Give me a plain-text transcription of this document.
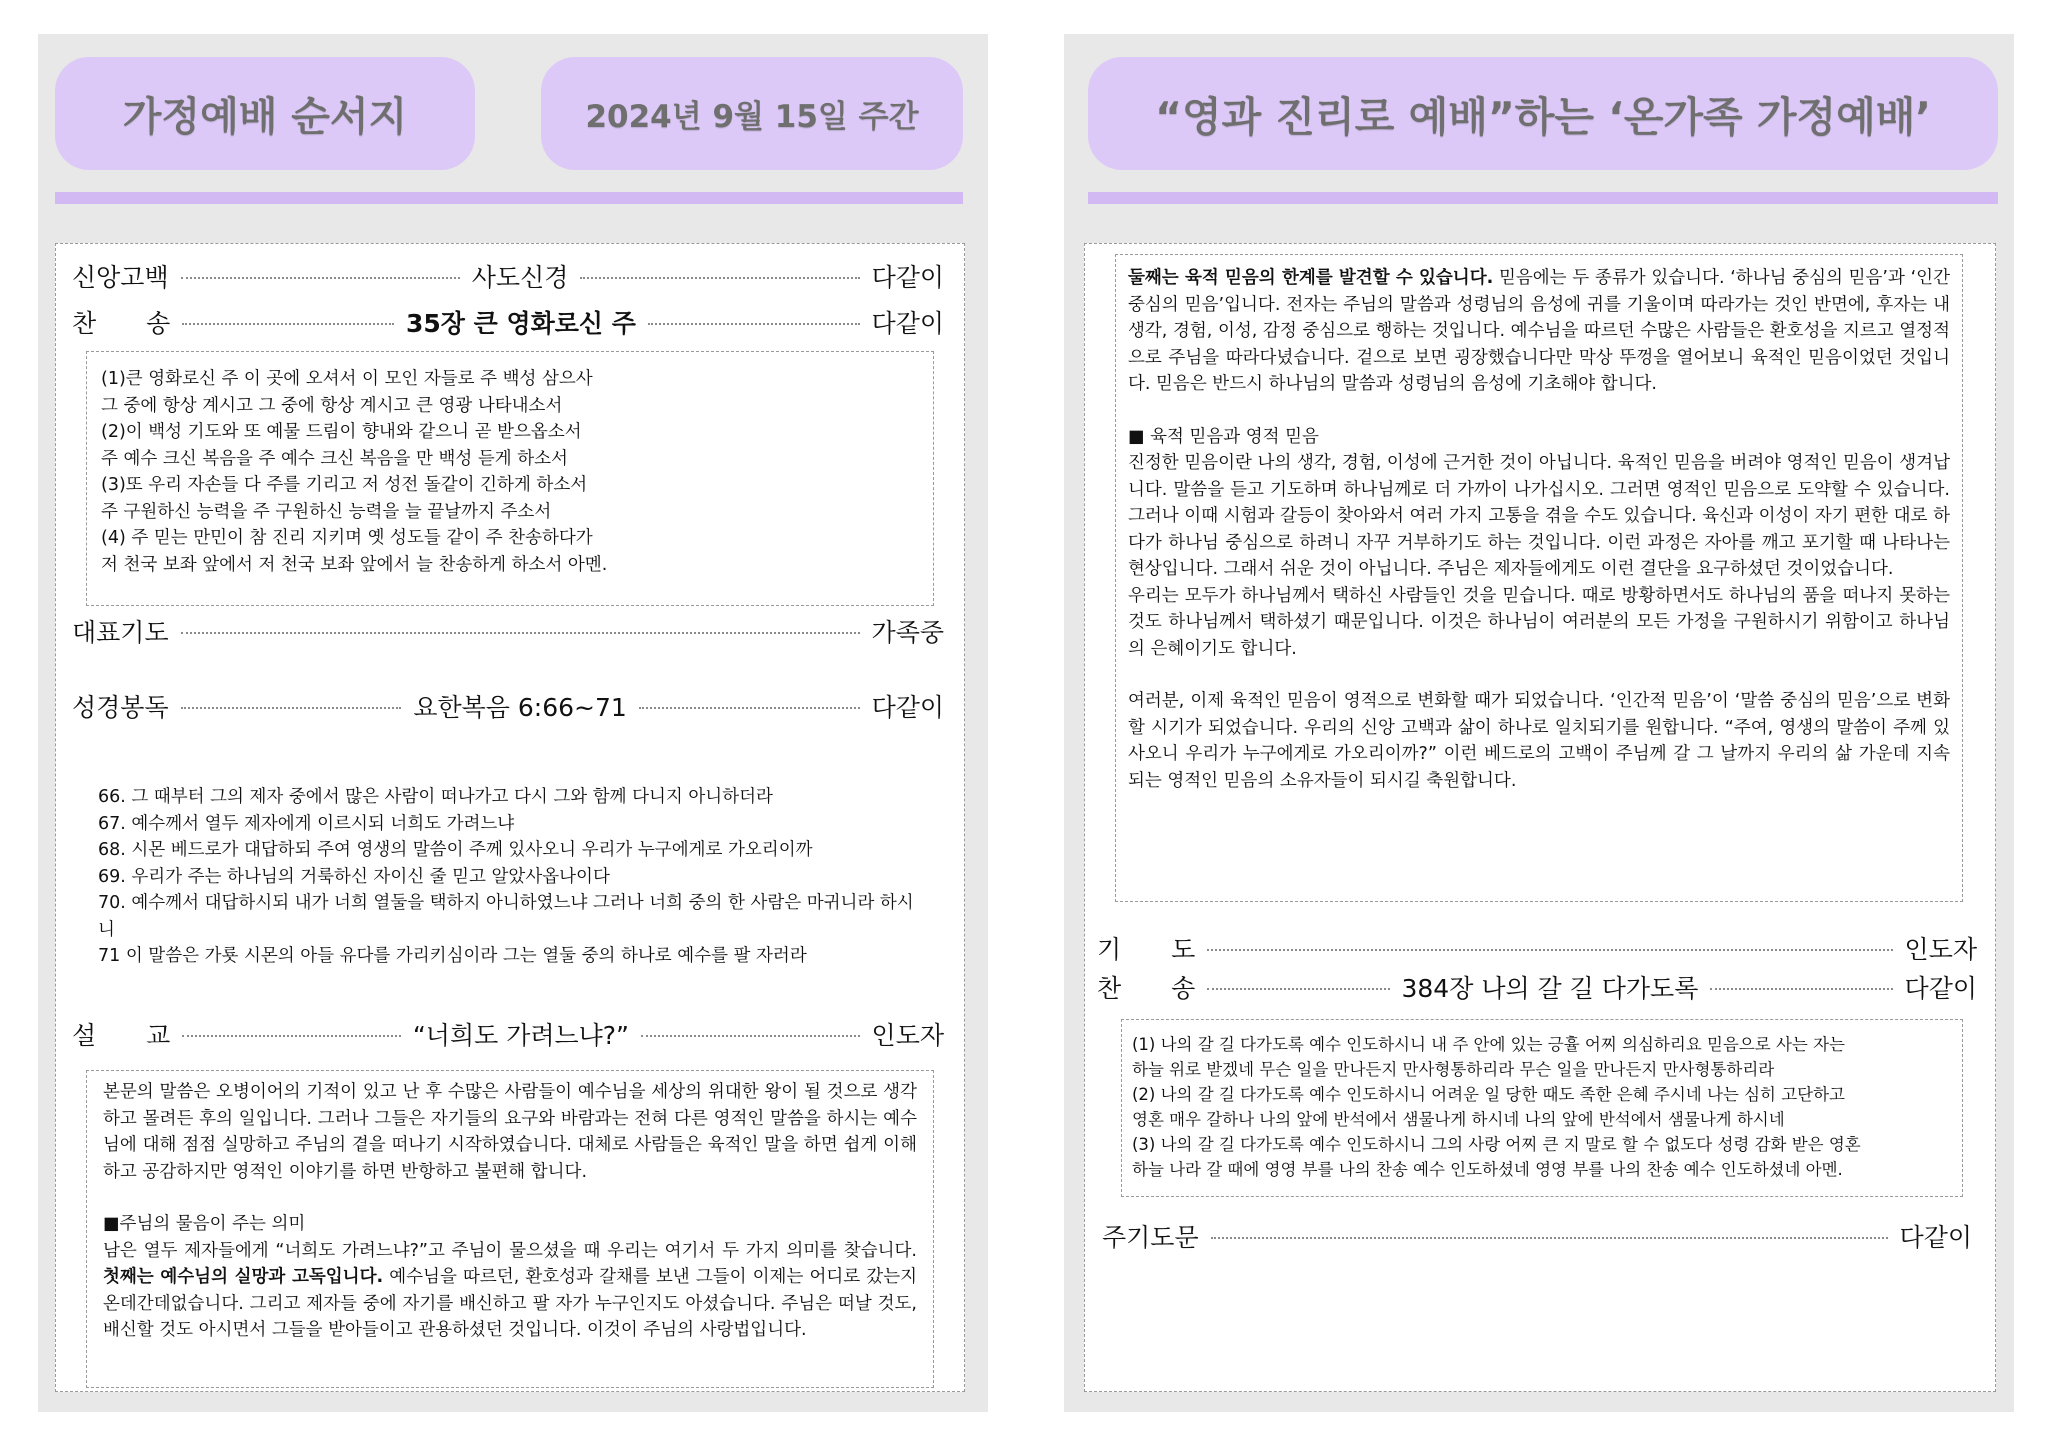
가정예배 순서지	2024년 9월 15일 주간
신앙고백	사도신경	다같이
찬　　송	35장 큰 영화로신 주	다같이
(1)큰 영화로신 주 이 곳에 오셔서 이 모인 자들로 주 백성 삼으사
그 중에 항상 계시고 그 중에 항상 계시고 큰 영광 나타내소서
(2)이 백성 기도와 또 예물 드림이 향내와 같으니 곧 받으옵소서
주 예수 크신 복음을 주 예수 크신 복음을 만 백성 듣게 하소서
(3)또 우리 자손들 다 주를 기리고 저 성전 돌같이 긴하게 하소서
주 구원하신 능력을 주 구원하신 능력을 늘 끝날까지 주소서
(4) 주 믿는 만민이 참 진리 지키며 옛 성도들 같이 주 찬송하다가
저 천국 보좌 앞에서 저 천국 보좌 앞에서 늘 찬송하게 하소서 아멘.
대표기도	가족중
성경봉독	요한복음 6:66~71	다같이

66. 그 때부터 그의 제자 중에서 많은 사람이 떠나가고 다시 그와 함께 다니지 아니하더라

67. 예수께서 열두 제자에게 이르시되 너희도 가려느냐

68. 시몬 베드로가 대답하되 주여 영생의 말씀이 주께 있사오니 우리가 누구에게로 가오리이까

69. 우리가 주는 하나님의 거룩하신 자이신 줄 믿고 알았사옵나이다

70. 예수께서 대답하시되 내가 너희 열둘을 택하지 아니하였느냐 그러나 너희 중의 한 사람은 마귀니라 하시니

71 이 말씀은 가룟 시몬의 아들 유다를 가리키심이라 그는 열둘 중의 하나로 예수를 팔 자러라

설　　교	“너희도 가려느냐?”	인도자

본문의 말씀은 오병이어의 기적이 있고 난 후 수많은 사람들이 예수님을 세상의 위대한 왕이 될 것으로 생각하고 몰려든 후의 일입니다. 그러나 그들은 자기들의 요구와 바람과는 전혀 다른 영적인 말씀을 하시는 예수님에 대해 점점 실망하고 주님의 곁을 떠나기 시작하였습니다. 대체로 사람들은 육적인 말을 하면 쉽게 이해하고 공감하지만 영적인 이야기를 하면 반항하고 불편해 합니다.

■주님의 물음이 주는 의미

남은 열두 제자들에게 “너희도 가려느냐?”고 주님이 물으셨을 때 우리는 여기서 두 가지 의미를 찾습니다. 첫째는 예수님의 실망과 고독입니다. 예수님을 따르던, 환호성과 갈채를 보낸 그들이 이제는 어디로 갔는지 온데간데없습니다. 그리고 제자들 중에 자기를 배신하고 팔 자가 누구인지도 아셨습니다. 주님은 떠날 것도, 배신할 것도 아시면서 그들을 받아들이고 관용하셨던 것입니다. 이것이 주님의 사랑법입니다.

“영과 진리로 예배”하는 ‘온가족 가정예배’

둘째는 육적 믿음의 한계를 발견할 수 있습니다. 믿음에는 두 종류가 있습니다. ‘하나님 중심의 믿음’과 ‘인간 중심의 믿음’입니다. 전자는 주님의 말씀과 성령님의 음성에 귀를 기울이며 따라가는 것인 반면에, 후자는 내 생각, 경험, 이성, 감정 중심으로 행하는 것입니다. 예수님을 따르던 수많은 사람들은 환호성을 지르고 열정적으로 주님을 따라다녔습니다. 겉으로 보면 굉장했습니다만 막상 뚜껑을 열어보니 육적인 믿음이었던 것입니다. 믿음은 반드시 하나님의 말씀과 성령님의 음성에 기초해야 합니다.

■ 육적 믿음과 영적 믿음

진정한 믿음이란 나의 생각, 경험, 이성에 근거한 것이 아닙니다. 육적인 믿음을 버려야 영적인 믿음이 생겨납니다. 말씀을 듣고 기도하며 하나님께로 더 가까이 나가십시오. 그러면 영적인 믿음으로 도약할 수 있습니다. 그러나 이때 시험과 갈등이 찾아와서 여러 가지 고통을 겪을 수도 있습니다. 육신과 이성이 자기 편한 대로 하다가 하나님 중심으로 하려니 자꾸 거부하기도 하는 것입니다. 이런 과정은 자아를 깨고 포기할 때 나타나는 현상입니다. 그래서 쉬운 것이 아닙니다. 주님은 제자들에게도 이런 결단을 요구하셨던 것이었습니다.

우리는 모두가 하나님께서 택하신 사람들인 것을 믿습니다. 때로 방황하면서도 하나님의 품을 떠나지 못하는 것도 하나님께서 택하셨기 때문입니다. 이것은 하나님이 여러분의 모든 가정을 구원하시기 위함이고 하나님의 은혜이기도 합니다.

여러분, 이제 육적인 믿음이 영적으로 변화할 때가 되었습니다. ‘인간적 믿음’이 ‘말씀 중심의 믿음’으로 변화할 시기가 되었습니다. 우리의 신앙 고백과 삶이 하나로 일치되기를 원합니다. “주여, 영생의 말씀이 주께 있사오니 우리가 누구에게로 가오리이까?” 이런 베드로의 고백이 주님께 갈 그 날까지 우리의 삶 가운데 지속되는 영적인 믿음의 소유자들이 되시길 축원합니다.

기　　도	인도자
찬　　송	384장 나의 갈 길 다가도록	다같이
(1) 나의 갈 길 다가도록 예수 인도하시니 내 주 안에 있는 긍휼 어찌 의심하리요 믿음으로 사는 자는
하늘 위로 받겠네 무슨 일을 만나든지 만사형통하리라 무슨 일을 만나든지 만사형통하리라
(2) 나의 갈 길 다가도록 예수 인도하시니 어려운 일 당한 때도 족한 은혜 주시네 나는 심히 고단하고
영혼 매우 갈하나 나의 앞에 반석에서 샘물나게 하시네 나의 앞에 반석에서 샘물나게 하시네
(3) 나의 갈 길 다가도록 예수 인도하시니 그의 사랑 어찌 큰 지 말로 할 수 없도다 성령 감화 받은 영혼
하늘 나라 갈 때에 영영 부를 나의 찬송 예수 인도하셨네 영영 부를 나의 찬송 예수 인도하셨네 아멘.
주기도문	다같이
